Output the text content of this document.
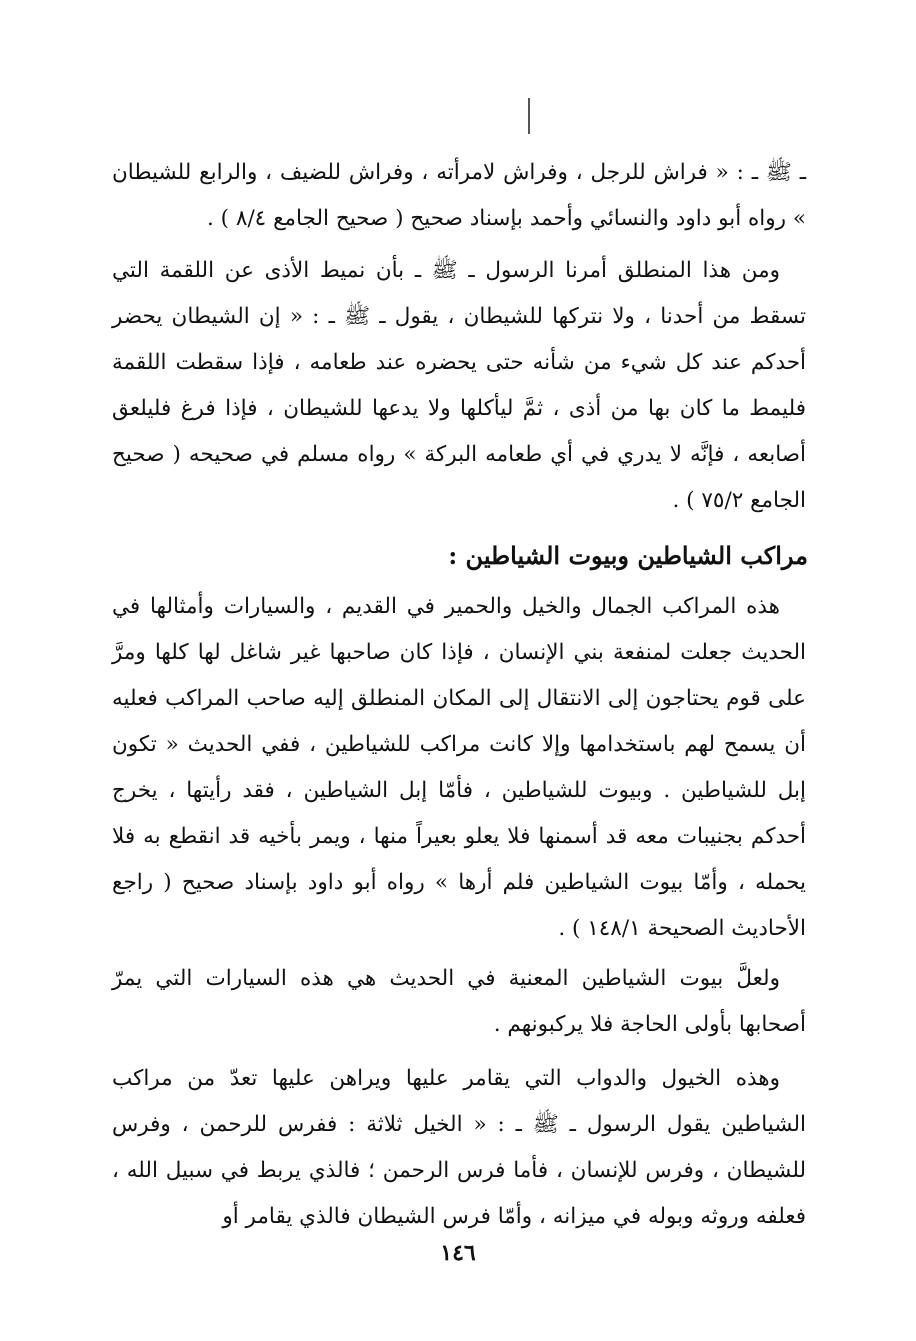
ـ ﷺ ـ : « فراش للرجل ، وفراش لامرأته ، وفراش للضيف ، والرابع للشيطان » رواه أبو داود والنسائي وأحمد بإسناد صحيح ( صحيح الجامع ٨/٤ ) .

ومن هذا المنطلق أمرنا الرسول ـ ﷺ ـ بأن نميط الأذى عن اللقمة التي تسقط من أحدنا ، ولا نتركها للشيطان ، يقول ـ ﷺ ـ : « إن الشيطان يحضر أحدكم عند كل شيء من شأنه حتى يحضره عند طعامه ، فإذا سقطت اللقمة فليمط ما كان بها من أذى ، ثمَّ ليأكلها ولا يدعها للشيطان ، فإذا فرغ فليلعق أصابعه ، فإنَّه لا يدري في أي طعامه البركة » رواه مسلم في صحيحه ( صحيح الجامع ٧٥/٢ ) .

مراكب الشياطين وبيوت الشياطين :

هذه المراكب الجمال والخيل والحمير في القديم ، والسيارات وأمثالها في الحديث جعلت لمنفعة بني الإنسان ، فإذا كان صاحبها غير شاغل لها كلها ومرَّ على قوم يحتاجون إلى الانتقال إلى المكان المنطلق إليه صاحب المراكب فعليه أن يسمح لهم باستخدامها وإلا كانت مراكب للشياطين ، ففي الحديث « تكون إبل للشياطين . وبيوت للشياطين ، فأمّا إبل الشياطين ، فقد رأيتها ، يخرج أحدكم بجنيبات معه قد أسمنها فلا يعلو بعيراً منها ، ويمر بأخيه قد انقطع به فلا يحمله ، وأمّا بيوت الشياطين فلم أرها » رواه أبو داود بإسناد صحيح ( راجع الأحاديث الصحيحة ١٤٨/١ ) .

ولعلَّ بيوت الشياطين المعنية في الحديث هي هذه السيارات التي يمرّ أصحابها بأولى الحاجة فلا يركبونهم .

وهذه الخيول والدواب التي يقامر عليها ويراهن عليها تعدّ من مراكب الشياطين يقول الرسول ـ ﷺ ـ : « الخيل ثلاثة : ففرس للرحمن ، وفرس للشيطان ، وفرس للإنسان ، فأما فرس الرحمن ؛ فالذي يربط في سبيل الله ، فعلفه وروثه وبوله في ميزانه ، وأمّا فرس الشيطان فالذي يقامر أو

١٤٦
